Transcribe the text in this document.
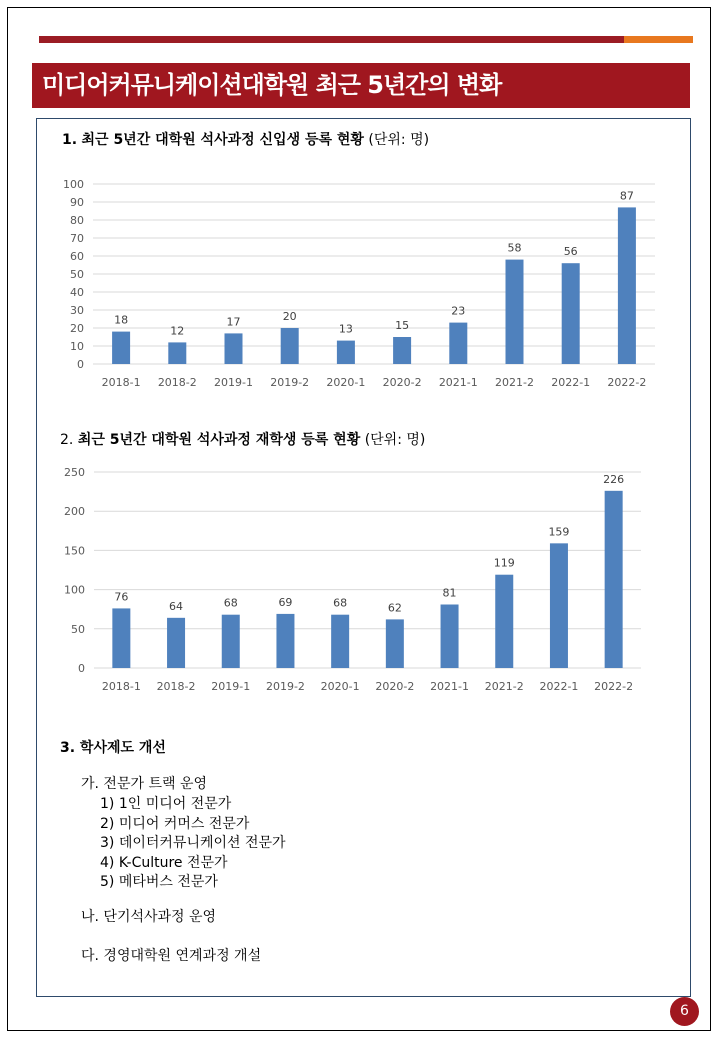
미디어커뮤니케이션대학원 최근 5년간의 변화
1. 최근 5년간 대학원 석사과정 신입생 등록 현황 (단위: 명)
0
10
20
30
40
50
60
70
80
90
100
18
2018-1
12
2018-2
17
2019-1
20
2019-2
13
2020-1
15
2020-2
23
2021-1
58
2021-2
56
2022-1
87
2022-2
2. 최근 5년간 대학원 석사과정 재학생 등록 현황 (단위: 명)
0
50
100
150
200
250
76
2018-1
64
2018-2
68
2019-1
69
2019-2
68
2020-1
62
2020-2
81
2021-1
119
2021-2
159
2022-1
226
2022-2
3. 학사제도 개선
가. 전문가 트랙 운영
1) 1인 미디어 전문가
2) 미디어 커머스 전문가
3) 데이터커뮤니케이션 전문가
4) K-Culture 전문가
5) 메타버스 전문가
나. 단기석사과정 운영
다. 경영대학원 연계과정 개설
6
